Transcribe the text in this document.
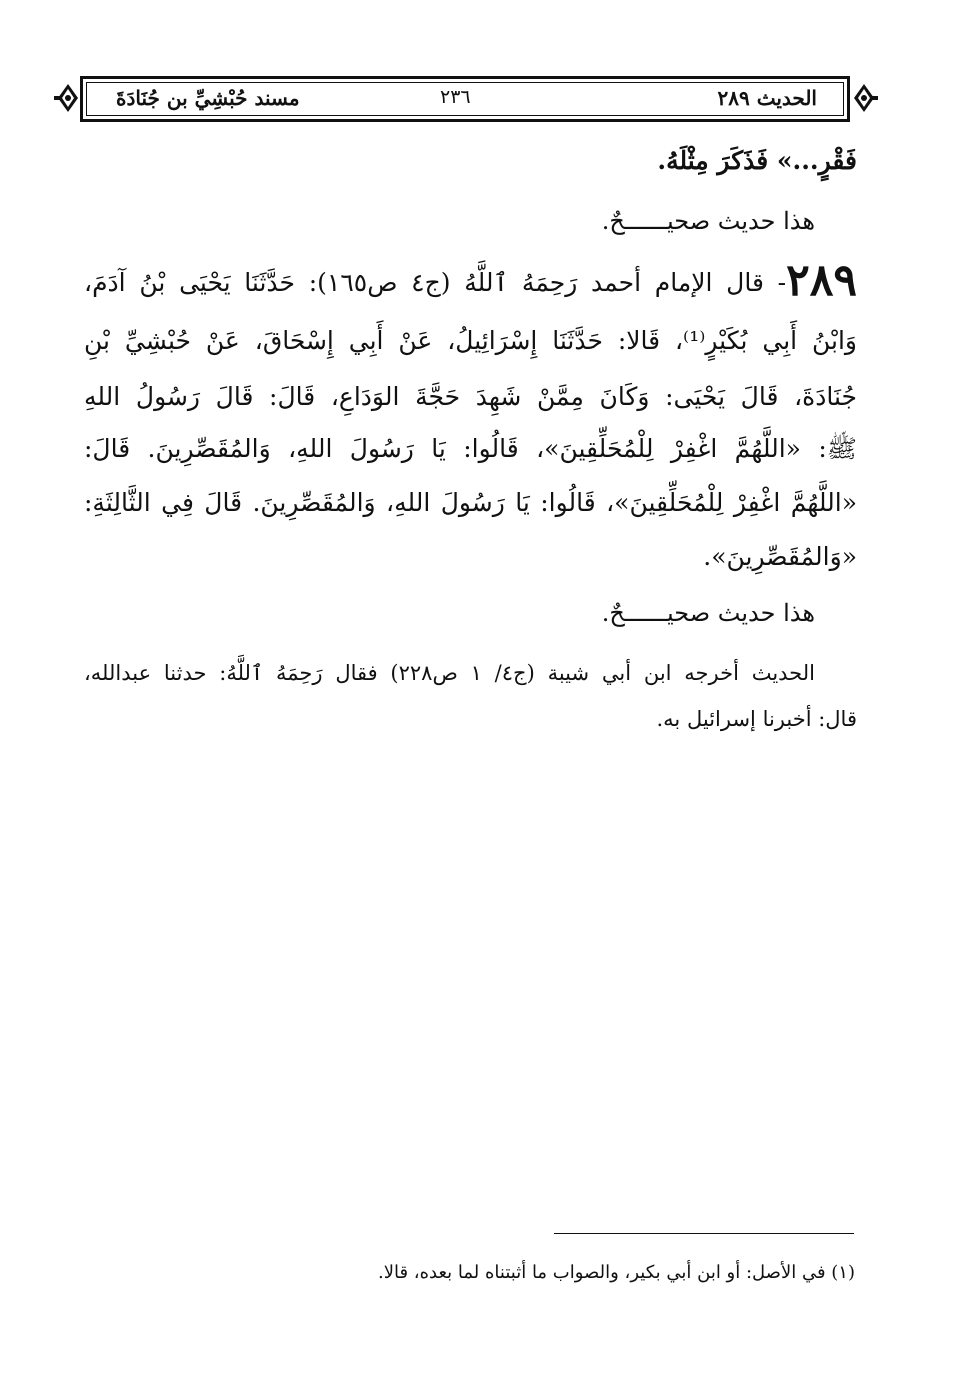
الحديث ٢٨٩
٢٣٦
مسند حُبْشِيِّ بن جُنَادَةَ
فَقْرٍ...» فَذَكَرَ مِثْلَهُ.
هذا حديث صحيــــــحٌ.
٢٨٩- قال الإمام أحمد رَحِمَهُ ٱللَّهُ (ج٤ ص١٦٥): حَدَّثَنَا يَحْيَى بْنُ آدَمَ،
وَابْنُ أَبِي بُكَيْرٍ⁽¹⁾، قَالا: حَدَّثَنَا إِسْرَائِيلُ، عَنْ أَبِي إِسْحَاقَ، عَنْ حُبْشِيِّ بْنِ
جُنَادَةَ، قَالَ يَحْيَى: وَكَانَ مِمَّنْ شَهِدَ حَجَّةَ الوَدَاعِ، قَالَ: قَالَ رَسُولُ اللهِ
ﷺ: «اللَّهُمَّ اغْفِرْ لِلْمُحَلِّقِينَ»، قَالُوا: يَا رَسُولَ اللهِ، وَالمُقَصِّرِينَ. قَالَ:
«اللَّهُمَّ اغْفِرْ لِلْمُحَلِّقِينَ»، قَالُوا: يَا رَسُولَ اللهِ، وَالمُقَصِّرِينَ. قَالَ فِي الثَّالِثَةِ:
«وَالمُقَصِّرِينَ».
هذا حديث صحيــــــحٌ.
الحديث أخرجه ابن أبي شيبة (ج٤/ ١ ص٢٢٨) فقال رَحِمَهُ ٱللَّهُ: حدثنا عبدالله،
قال: أخبرنا إسرائيل به.
(١) في الأصل: أو ابن أبي بكير، والصواب ما أثبتناه لما بعده، قالا.
